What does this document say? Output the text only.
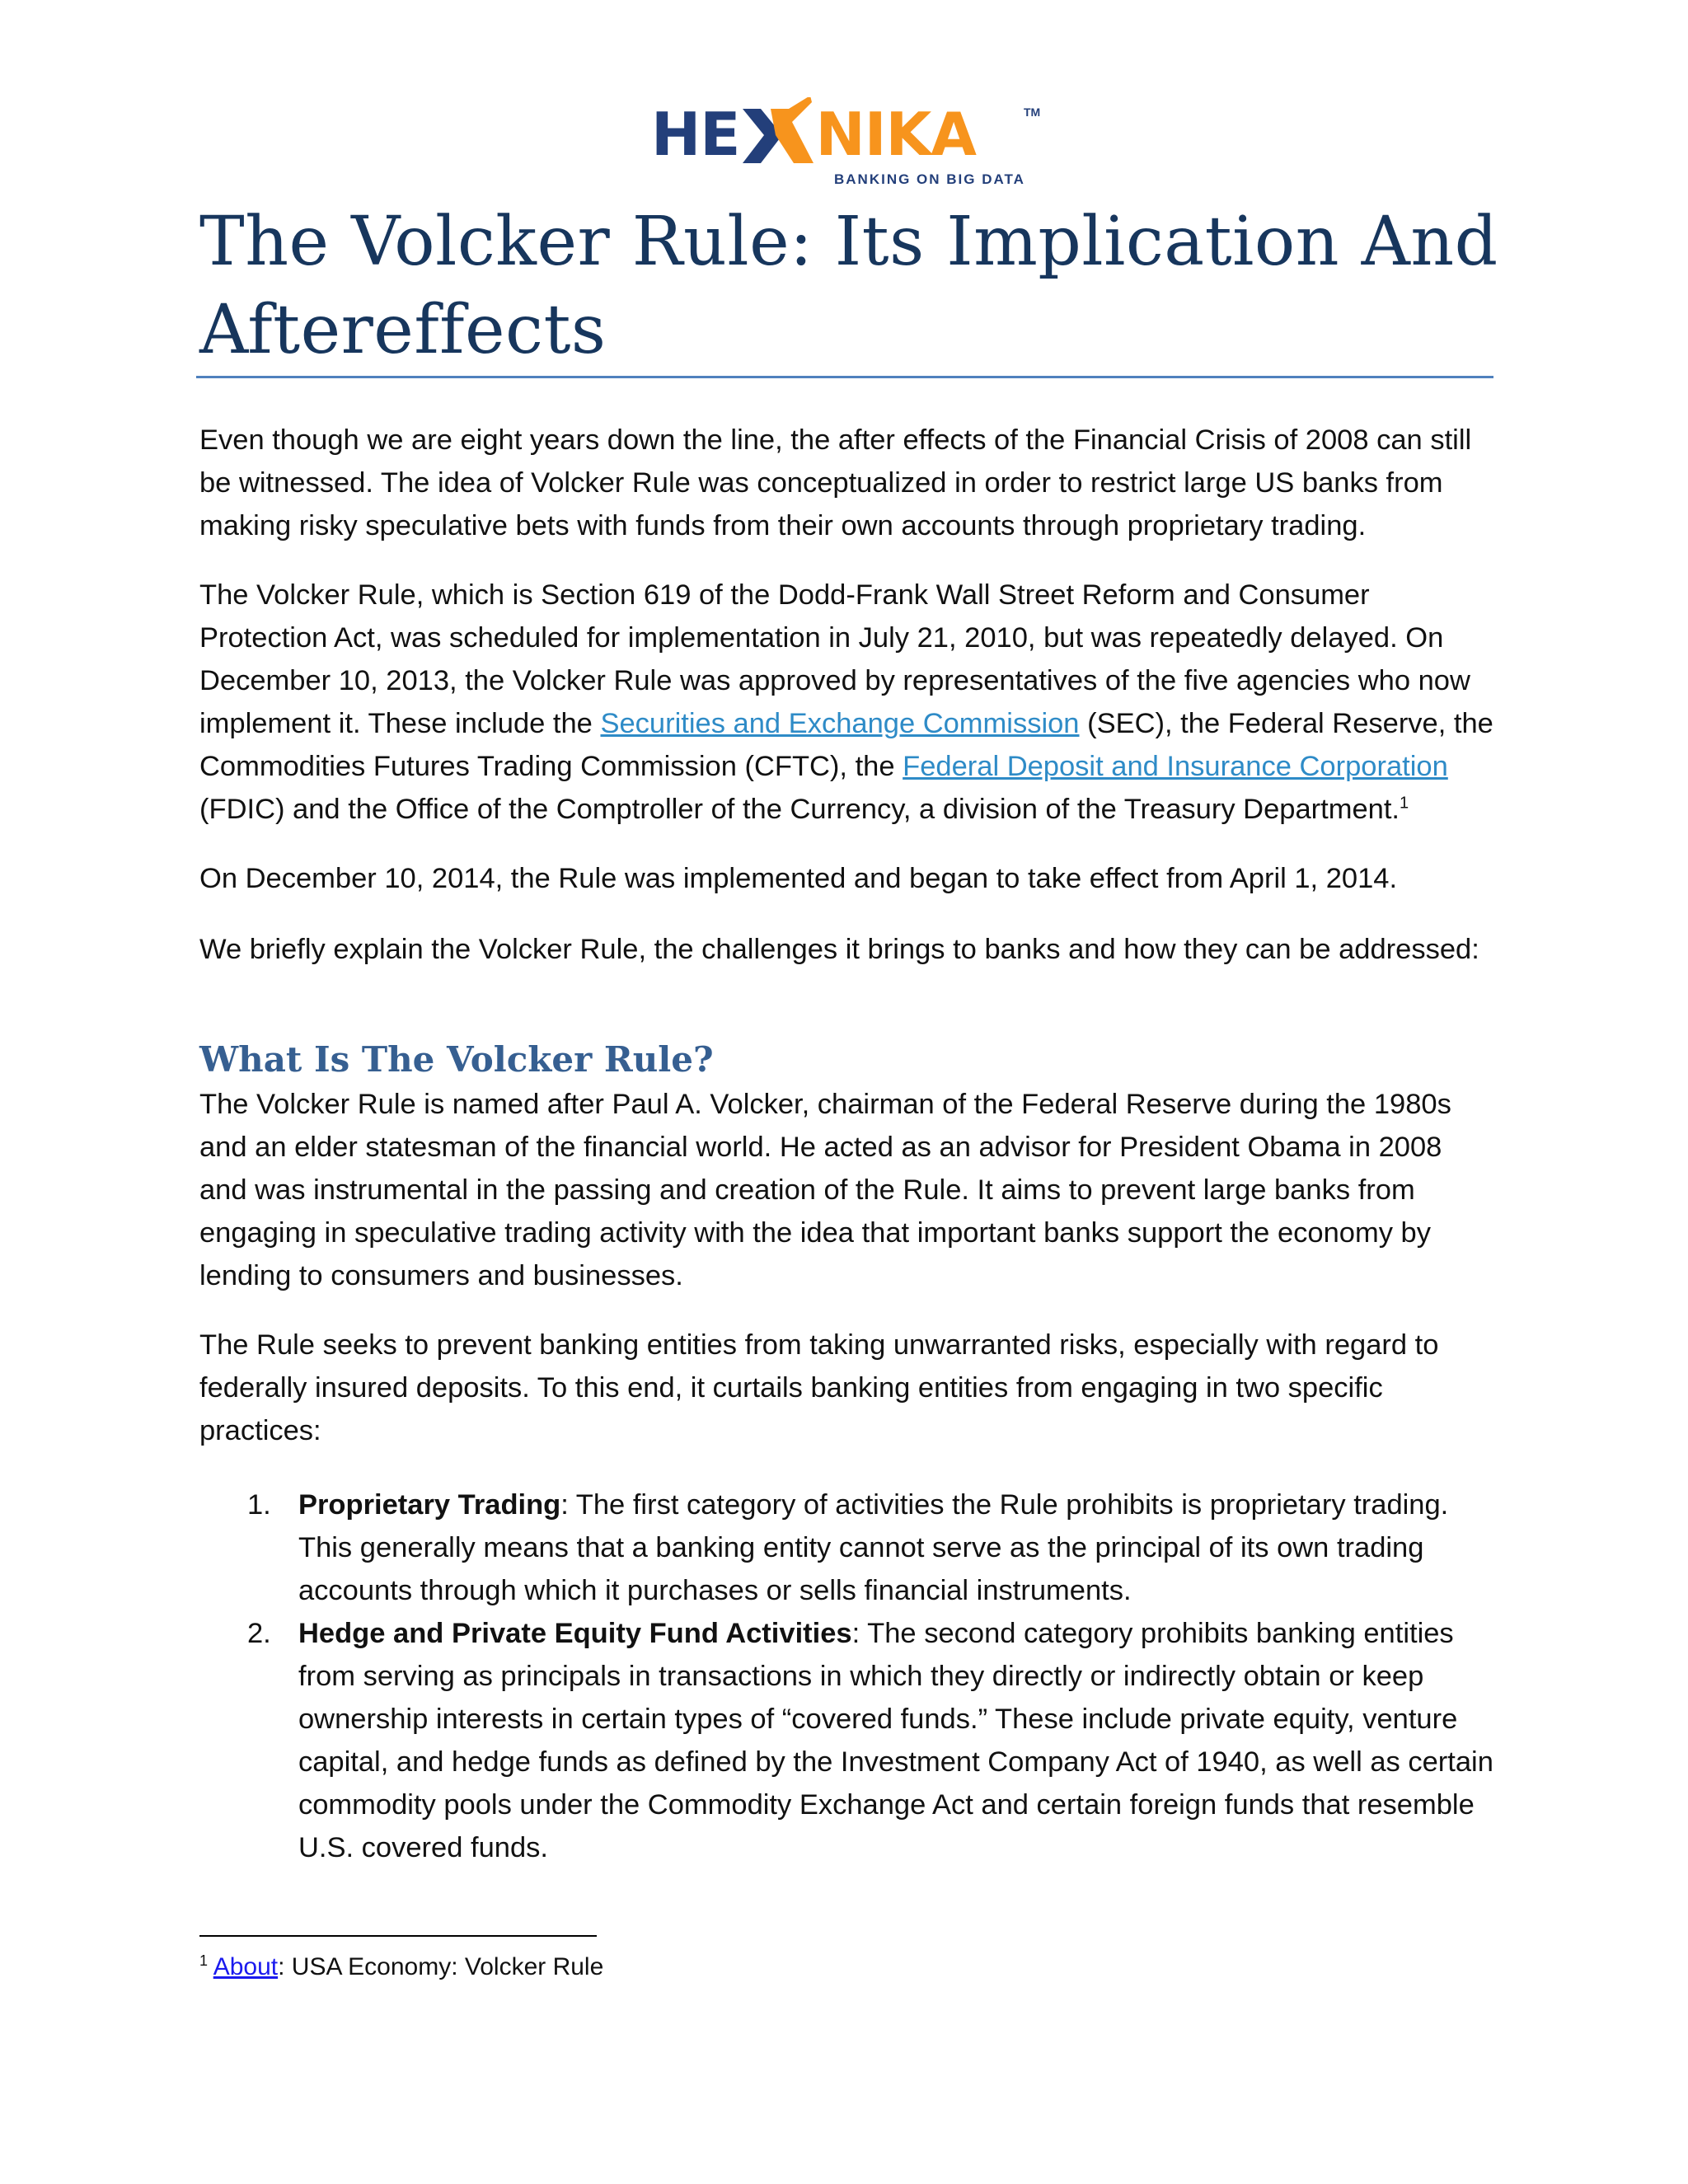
HE NIKA	TM
BANKING ON BIG DATA
The Volcker Rule: Its Implication And Aftereffects

Even though we are eight years down the line, the after effects of the Financial Crisis of 2008 can still be witnessed. The idea of Volcker Rule was conceptualized in order to restrict large US banks from making risky speculative bets with funds from their own accounts through proprietary trading.

The Volcker Rule, which is Section 619 of the Dodd-Frank Wall Street Reform and Consumer Protection Act, was scheduled for implementation in July 21, 2010, but was repeatedly delayed. On December 10, 2013, the Volcker Rule was approved by representatives of the five agencies who now implement it. These include the Securities and Exchange Commission (SEC), the Federal Reserve, the Commodities Futures Trading Commission (CFTC), the Federal Deposit and Insurance Corporation (FDIC) and the Office of the Comptroller of the Currency, a division of the Treasury Department.$^1$

On December 10, 2014, the Rule was implemented and began to take effect from April 1, 2014.

We briefly explain the Volcker Rule, the challenges it brings to banks and how they can be addressed:

What Is The Volcker Rule?

The Volcker Rule is named after Paul A. Volcker, chairman of the Federal Reserve during the 1980s and an elder statesman of the financial world. He acted as an advisor for President Obama in 2008 and was instrumental in the passing and creation of the Rule. It aims to prevent large banks from engaging in speculative trading activity with the idea that important banks support the economy by lending to consumers and businesses.

The Rule seeks to prevent banking entities from taking unwarranted risks, especially with regard to federally insured deposits. To this end, it curtails banking entities from engaging in two specific practices:

1. Proprietary Trading: The first category of activities the Rule prohibits is proprietary trading. This generally means that a banking entity cannot serve as the principal of its own trading accounts through which it purchases or sells financial instruments.
2. Hedge and Private Equity Fund Activities: The second category prohibits banking entities from serving as principals in transactions in which they directly or indirectly obtain or keep ownership interests in certain types of “covered funds.” These include private equity, venture capital, and hedge funds as defined by the Investment Company Act of 1940, as well as certain commodity pools under the Commodity Exchange Act and certain foreign funds that resemble U.S. covered funds.

$^1$ About: USA Economy: Volcker Rule
